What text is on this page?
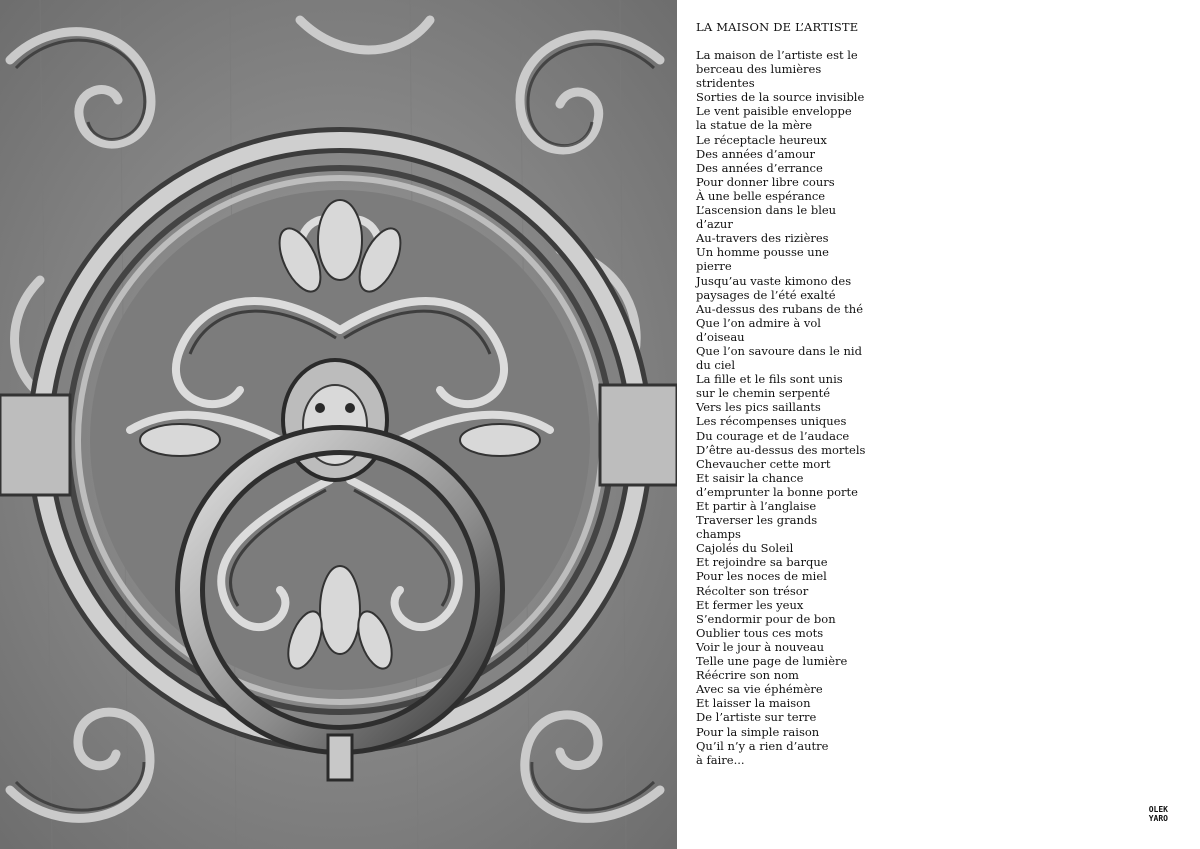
LA MAISON DE L’ARTISTE
La maison de l’artiste est le
berceau des lumières
stridentes
Sorties de la source invisible
Le vent paisible enveloppe
la statue de la mère
Le réceptacle heureux
Des années d’amour
Des années d’errance
Pour donner libre cours
À une belle espérance
L’ascension dans le bleu
d’azur
Au-travers des rizières
Un homme pousse une
pierre
Jusqu’au vaste kimono des
paysages de l’été exalté
Au-dessus des rubans de thé
Que l’on admire à vol
d’oiseau
Que l’on savoure dans le nid
du ciel
La fille et le fils sont unis
sur le chemin serpenté
Vers les pics saillants
Les récompenses uniques
Du courage et de l’audace
D’être au-dessus des mortels
Chevaucher cette mort
Et saisir la chance
d’emprunter la bonne porte
Et partir à l’anglaise
Traverser les grands
champs
Cajolés du Soleil
Et rejoindre sa barque
Pour les noces de miel
Récolter son trésor
Et fermer les yeux
S’endormir pour de bon
Oublier tous ces mots
Voir le jour à nouveau
Telle une page de lumière
Réécrire son nom
Avec sa vie éphémère
Et laisser la maison
De l’artiste sur terre
Pour la simple raison
Qu’il n’y a rien d’autre
à faire...
OLEK
YARO
